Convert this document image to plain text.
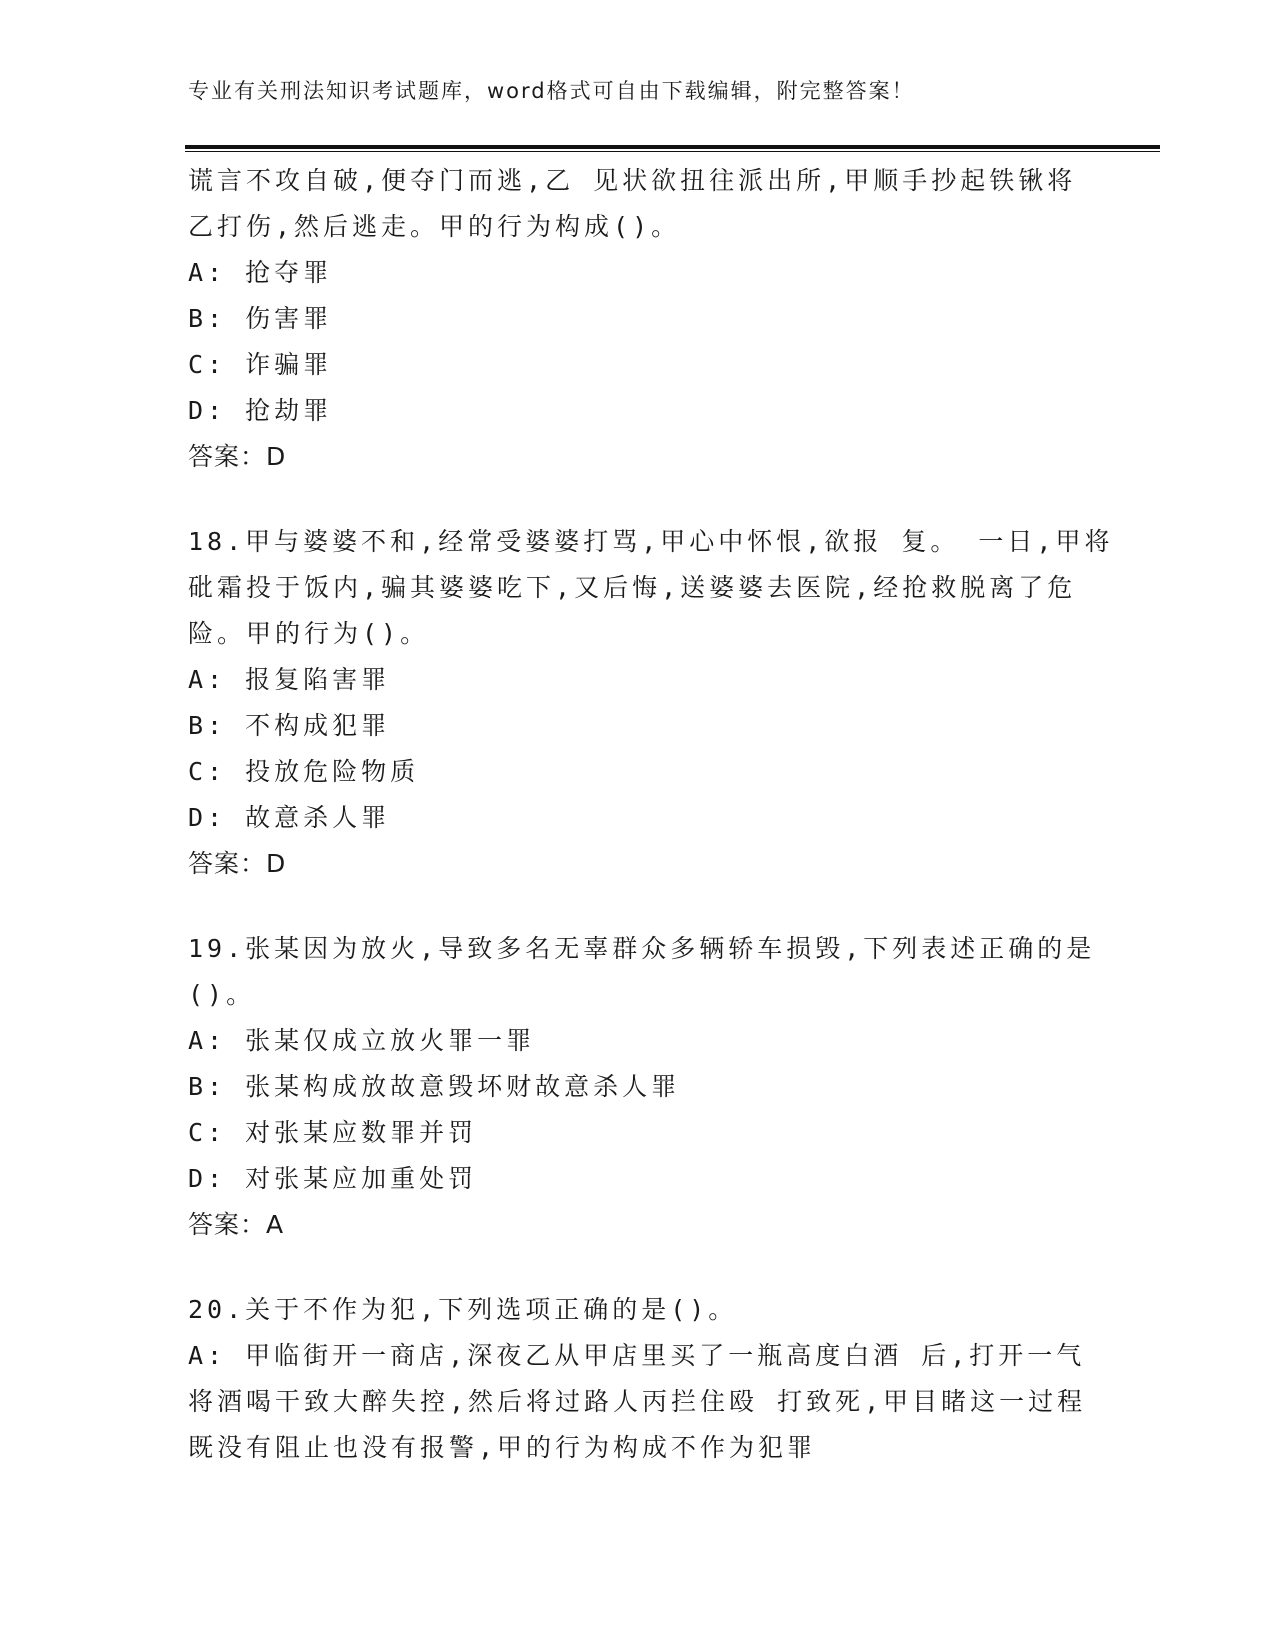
专业有关刑法知识考试题库，word格式可自由下载编辑，附完整答案！
谎言不攻自破,便夺门而逃,乙 见状欲扭往派出所,甲顺手抄起铁锹将
乙打伤,然后逃走。甲的行为构成()。
A: 抢夺罪
B: 伤害罪
C: 诈骗罪
D: 抢劫罪
答案：D
18.甲与婆婆不和,经常受婆婆打骂,甲心中怀恨,欲报 复。 一日,甲将
砒霜投于饭内,骗其婆婆吃下,又后悔,送婆婆去医院,经抢救脱离了危
险。甲的行为()。
A: 报复陷害罪
B: 不构成犯罪
C: 投放危险物质
D: 故意杀人罪
答案：D
19.张某因为放火,导致多名无辜群众多辆轿车损毁,下列表述正确的是
()。
A: 张某仅成立放火罪一罪
B: 张某构成放故意毁坏财故意杀人罪
C: 对张某应数罪并罚
D: 对张某应加重处罚
答案：A
20.关于不作为犯,下列选项正确的是()。
A: 甲临街开一商店,深夜乙从甲店里买了一瓶高度白酒 后,打开一气
将酒喝干致大醉失控,然后将过路人丙拦住殴 打致死,甲目睹这一过程
既没有阻止也没有报警,甲的行为构成不作为犯罪
